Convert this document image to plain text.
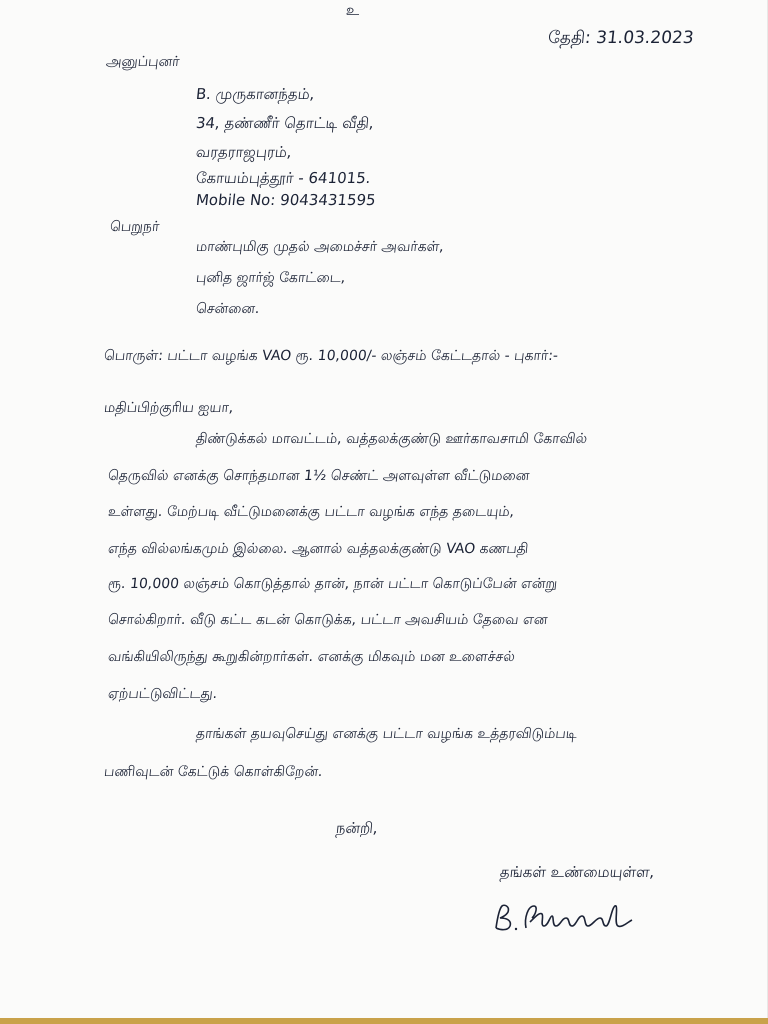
உ
தேதி: 31.03.2023
அனுப்புனர்
B. முருகானந்தம்,
34, தண்ணீர் தொட்டி வீதி,
வரதராஜபுரம்,
கோயம்புத்தூர் - 641015.
Mobile No: 9043431595
பெறுநர்
மாண்புமிகு முதல் அமைச்சர் அவர்கள்,
புனித ஜார்ஜ் கோட்டை,
சென்னை.
பொருள்: பட்டா வழங்க VAO ரூ. 10,000/- லஞ்சம் கேட்டதால் - புகார்:-
மதிப்பிற்குரிய ஐயா,
திண்டுக்கல் மாவட்டம், வத்தலக்குண்டு ஊர்காவசாமி கோவில்
தெருவில் எனக்கு சொந்தமான 1½ செண்ட் அளவுள்ள வீட்டுமனை
உள்ளது. மேற்படி வீட்டுமனைக்கு பட்டா வழங்க எந்த தடையும்,
எந்த வில்லங்கமும் இல்லை. ஆனால் வத்தலக்குண்டு VAO கணபதி
ரூ. 10,000 லஞ்சம் கொடுத்தால் தான், நான் பட்டா கொடுப்பேன் என்று
சொல்கிறார். வீடு கட்ட கடன் கொடுக்க, பட்டா அவசியம் தேவை என
வங்கியிலிருந்து கூறுகின்றார்கள். எனக்கு மிகவும் மன உளைச்சல்
ஏற்பட்டுவிட்டது.
தாங்கள் தயவுசெய்து எனக்கு பட்டா வழங்க உத்தரவிடும்படி
பணிவுடன் கேட்டுக் கொள்கிறேன்.
நன்றி,
தங்கள் உண்மையுள்ள,
